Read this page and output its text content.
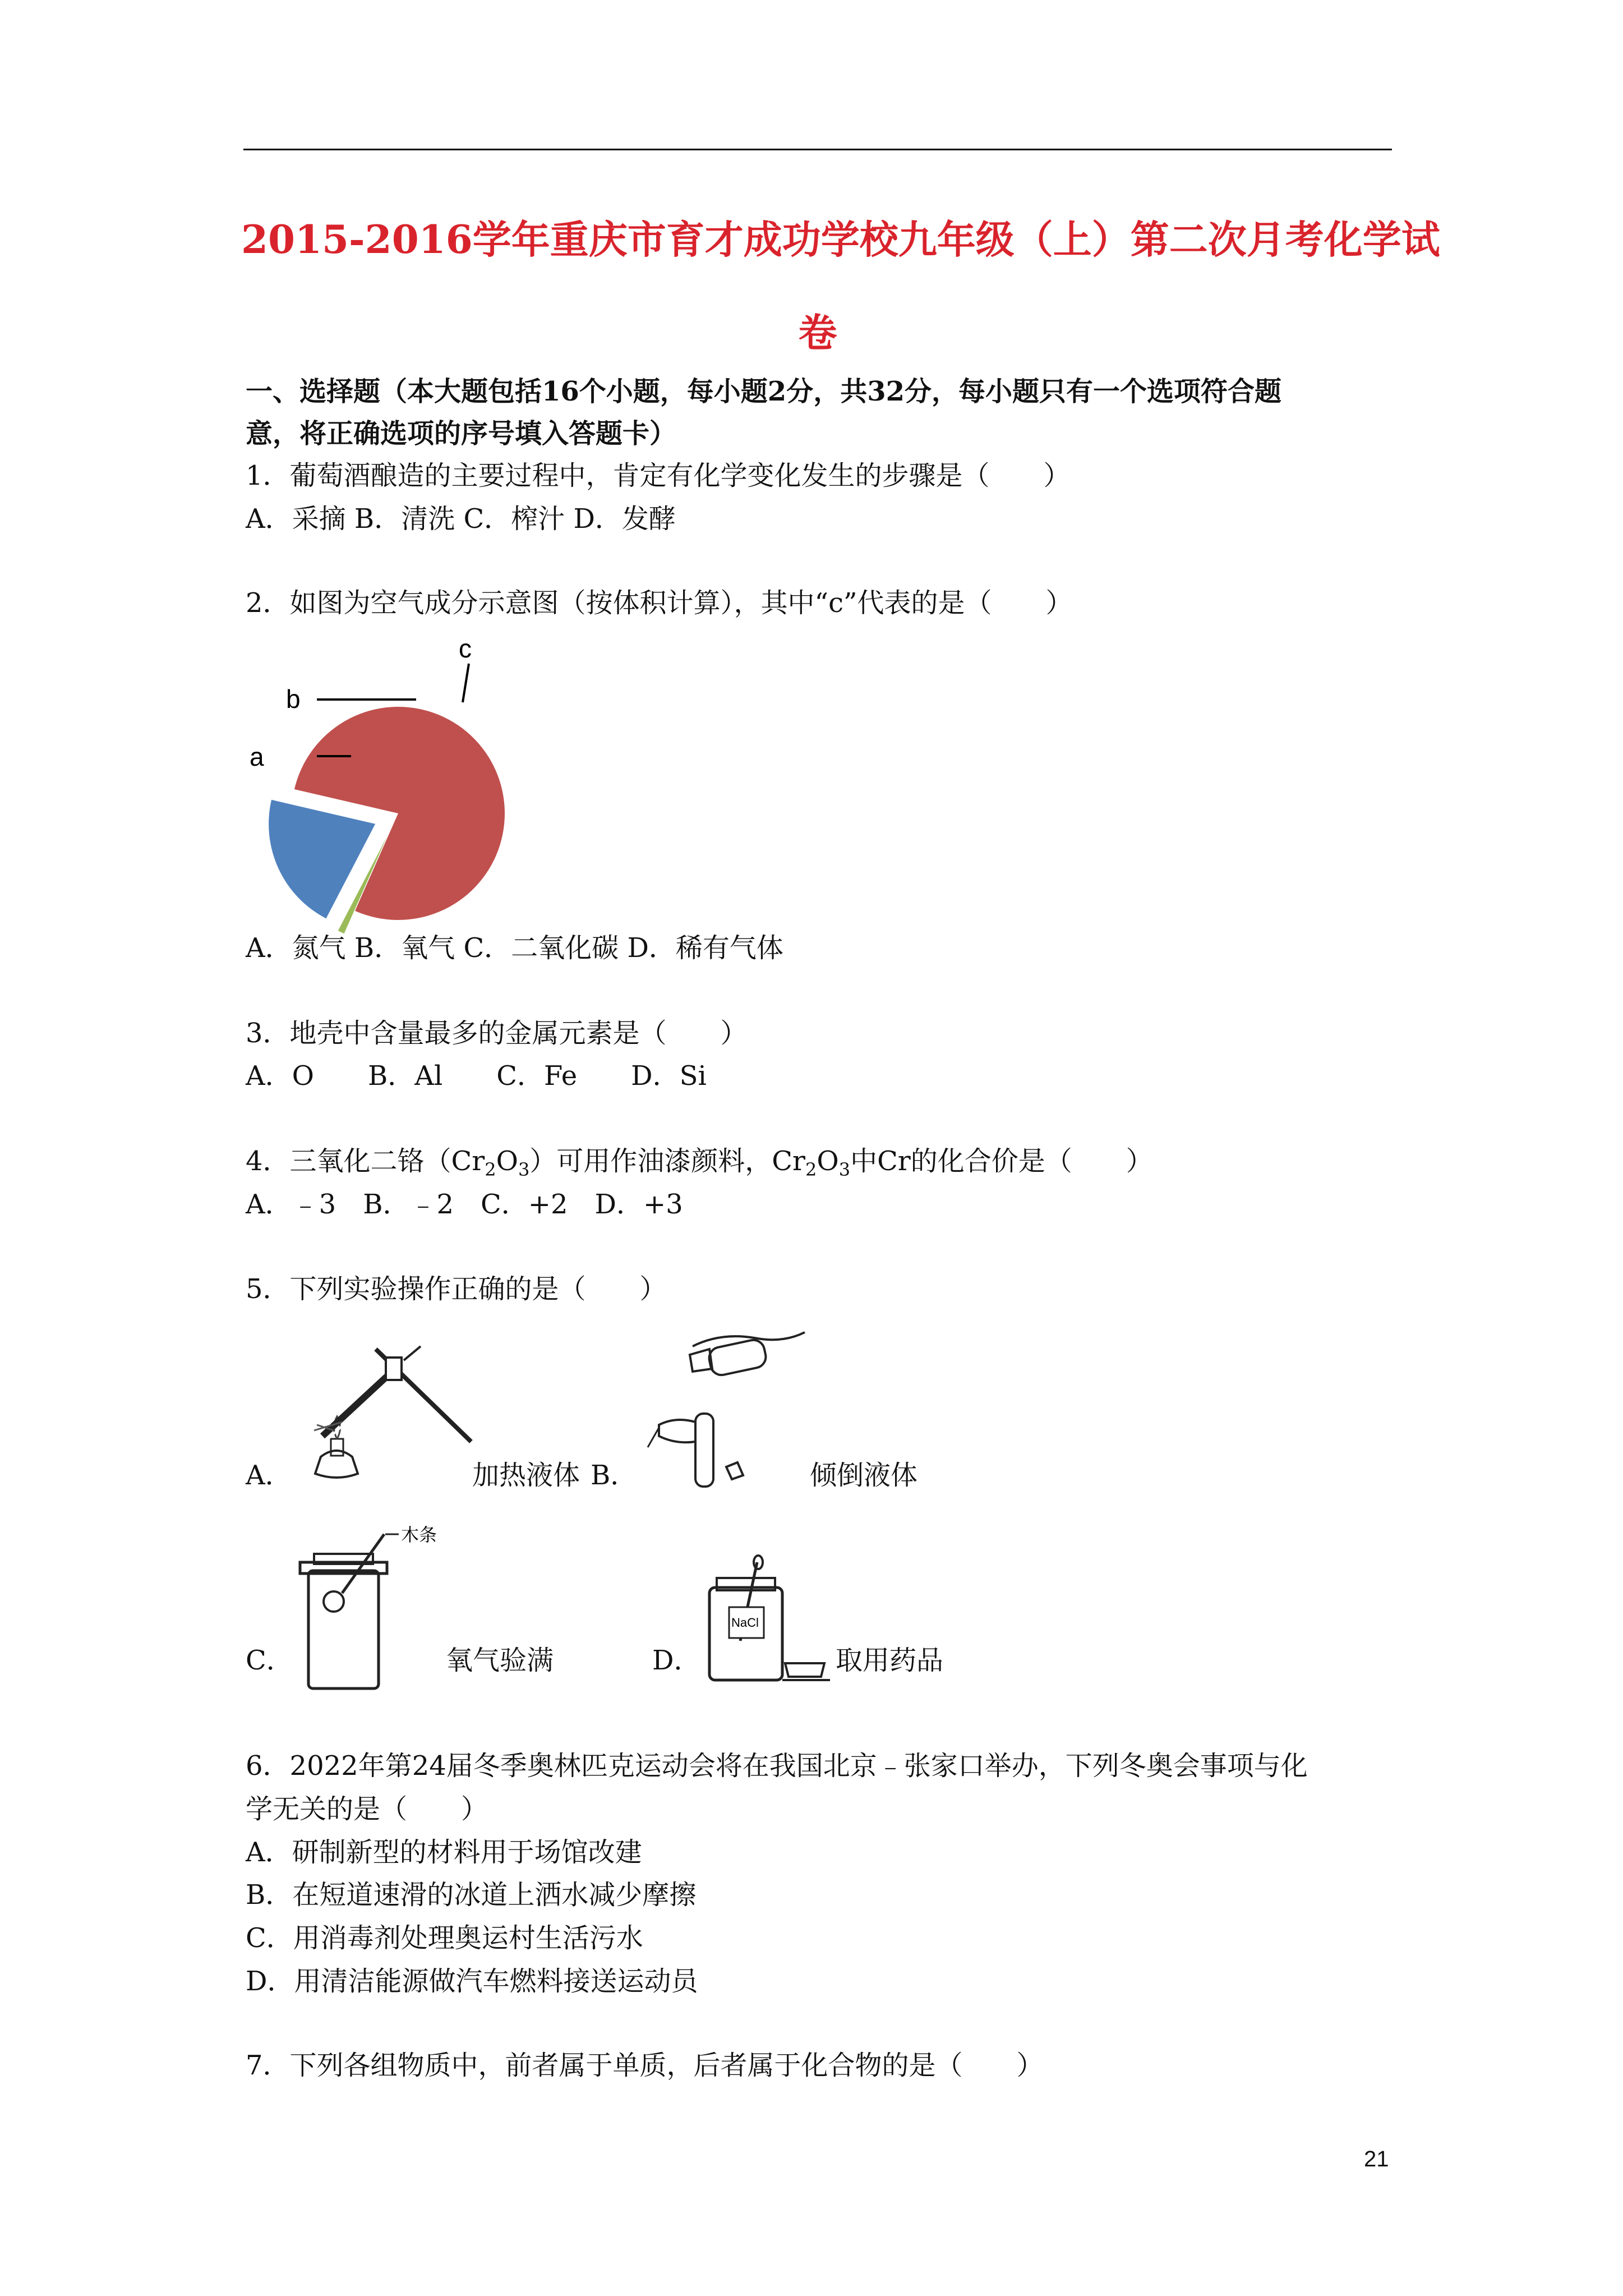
2015-2016学年重庆市育才成功学校九年级（上）第二次月考化学试
卷
一、选择题（本大题包括16个小题，每小题2分，共32分，每小题只有一个选项符合题
意，将正确选项的序号填入答题卡）
1．葡萄酒酿造的主要过程中，肯定有化学变化发生的步骤是（　　）
A．采摘 B．清洗 C．榨汁 D．发酵
2．如图为空气成分示意图（按体积计算），其中“c”代表的是（　　）
a
b
c
A．氮气 B．氧气 C．二氧化碳 D．稀有气体
3．地壳中含量最多的金属元素是（　　）
A．O　　B．Al　　C．Fe　　D．Si
4．三氧化二铬$(Cr_2O_3)$可用作油漆颜料，$Cr_2O_3$中Cr的化合价是（　　）
A．﹣3　B．﹣2　C．+2　D．+3
5．下列实验操作正确的是（　　）
A．	加热液体 B．	倾倒液体
木条
C．	氧气验满
NaCl
D．	取用药品
6．2022年第24届冬季奥林匹克运动会将在我国北京﹣张家口举办，下列冬奥会事项与化
学无关的是（　　）
A．研制新型的材料用于场馆改建
B．在短道速滑的冰道上洒水减少摩擦
C．用消毒剂处理奥运村生活污水
D．用清洁能源做汽车燃料接送运动员
7．下列各组物质中，前者属于单质，后者属于化合物的是（　　）
21
